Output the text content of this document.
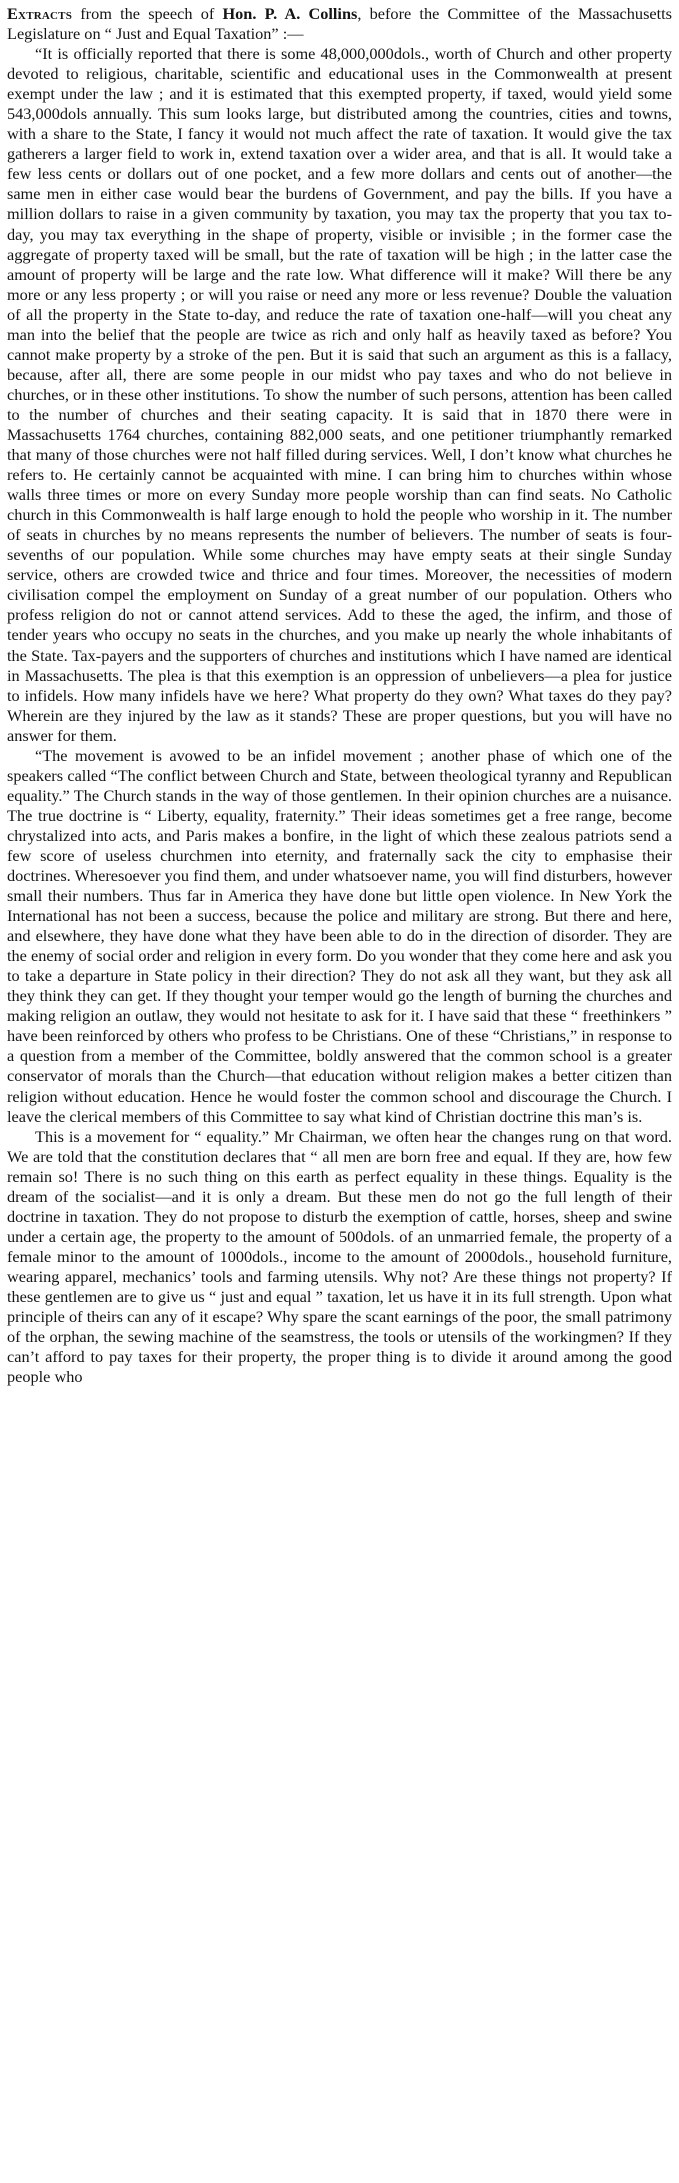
Extracts from the speech of Hon. P. A. Collins, before the Committee of the Massachusetts Legislature on “ Just and Equal Taxation” :—

“It is officially reported that there is some 48,000,000dols., worth of Church and other property devoted to religious, charitable, scientific and educational uses in the Commonwealth at present exempt under the law ; and it is estimated that this exempted property, if taxed, would yield some 543,000dols annually. This sum looks large, but distributed among the countries, cities and towns, with a share to the State, I fancy it would not much affect the rate of taxation. It would give the tax gatherers a larger field to work in, extend taxation over a wider area, and that is all. It would take a few less cents or dollars out of one pocket, and a few more dollars and cents out of another—the same men in either case would bear the burdens of Government, and pay the bills. If you have a million dollars to raise in a given community by taxation, you may tax the property that you tax to-day, you may tax everything in the shape of property, visible or invisible ; in the former case the aggregate of property taxed will be small, but the rate of taxation will be high ; in the latter case the amount of property will be large and the rate low. What difference will it make? Will there be any more or any less property ; or will you raise or need any more or less revenue? Double the valuation of all the property in the State to-day, and reduce the rate of taxation one-half—will you cheat any man into the belief that the people are twice as rich and only half as heavily taxed as before? You cannot make property by a stroke of the pen. But it is said that such an argument as this is a fallacy, because, after all, there are some people in our midst who pay taxes and who do not believe in churches, or in these other institutions. To show the number of such persons, attention has been called to the number of churches and their seating capacity. It is said that in 1870 there were in Massachusetts 1764 churches, containing 882,000 seats, and one petitioner triumphantly remarked that many of those churches were not half filled during services. Well, I don’t know what churches he refers to. He certainly cannot be acquainted with mine. I can bring him to churches within whose walls three times or more on every Sunday more people worship than can find seats. No Catholic church in this Commonwealth is half large enough to hold the people who worship in it. The number of seats in churches by no means represents the number of believers. The number of seats is four-sevenths of our population. While some churches may have empty seats at their single Sunday service, others are crowded twice and thrice and four times. Moreover, the necessities of modern civilisation compel the employment on Sunday of a great number of our population. Others who profess religion do not or cannot attend services. Add to these the aged, the infirm, and those of tender years who occupy no seats in the churches, and you make up nearly the whole inhabitants of the State. Tax-payers and the supporters of churches and institutions which I have named are identical in Massachusetts. The plea is that this exemption is an oppression of unbelievers—a plea for justice to infidels. How many infidels have we here? What property do they own? What taxes do they pay? Wherein are they injured by the law as it stands? These are proper questions, but you will have no answer for them.

“The movement is avowed to be an infidel movement ; another phase of which one of the speakers called “The conflict between Church and State, between theological tyranny and Republican equality.” The Church stands in the way of those gentlemen. In their opinion churches are a nuisance. The true doctrine is “ Liberty, equality, fraternity.” Their ideas sometimes get a free range, become chrystalized into acts, and Paris makes a bonfire, in the light of which these zealous patriots send a few score of useless churchmen into eternity, and fraternally sack the city to emphasise their doctrines. Wheresoever you find them, and under whatsoever name, you will find disturbers, however small their numbers. Thus far in America they have done but little open violence. In New York the International has not been a success, because the police and military are strong. But there and here, and elsewhere, they have done what they have been able to do in the direction of disorder. They are the enemy of social order and religion in every form. Do you wonder that they come here and ask you to take a departure in State policy in their direction? They do not ask all they want, but they ask all they think they can get. If they thought your temper would go the length of burning the churches and making religion an outlaw, they would not hesitate to ask for it. I have said that these “ freethinkers ” have been reinforced by others who profess to be Christians. One of these “Christians,” in response to a question from a member of the Committee, boldly answered that the common school is a greater conservator of morals than the Church—that education without religion makes a better citizen than religion without education. Hence he would foster the common school and discourage the Church. I leave the clerical members of this Committee to say what kind of Christian doctrine this man’s is.

This is a movement for “ equality.” Mr Chairman, we often hear the changes rung on that word. We are told that the constitution declares that “ all men are born free and equal. If they are, how few remain so! There is no such thing on this earth as perfect equality in these things. Equality is the dream of the socialist—and it is only a dream. But these men do not go the full length of their doctrine in taxation. They do not propose to disturb the exemption of cattle, horses, sheep and swine under a certain age, the property to the amount of 500dols. of an unmarried female, the property of a female minor to the amount of 1000dols., income to the amount of 2000dols., household furniture, wearing apparel, mechanics’ tools and farming utensils. Why not? Are these things not property? If these gentlemen are to give us “ just and equal ” taxation, let us have it in its full strength. Upon what principle of theirs can any of it escape? Why spare the scant earnings of the poor, the small patrimony of the orphan, the sewing machine of the seamstress, the tools or utensils of the workingmen? If they can’t afford to pay taxes for their property, the proper thing is to divide it around among the good people who
